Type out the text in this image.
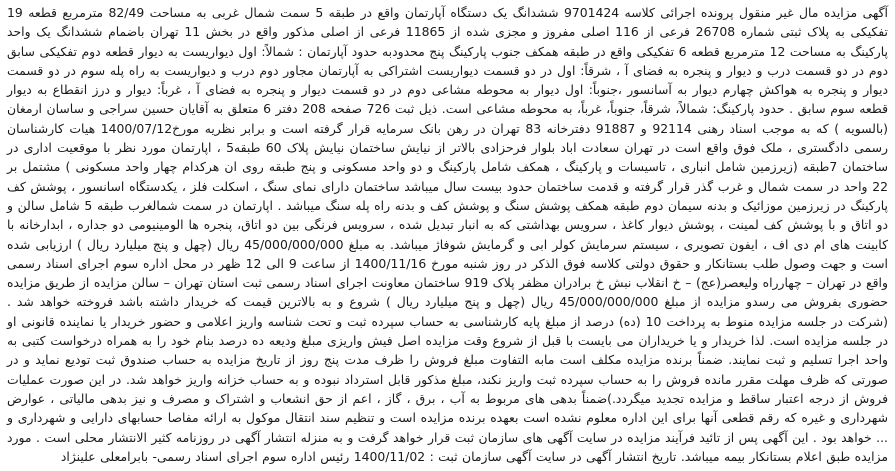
آگهی مزایده مال غیر منقول پرونده اجرائی کلاسه 9701424 ششدانگ یک دستگاه آپارتمان واقع در طبقه 5 سمت شمال غربی به مساحت 82/49 مترمربع قطعه 19 تفکیکی به پلاک ثبتی شماره 26708 فرعی از 116 اصلی مفروز و مجزی شده از 11865 فرعی از اصلی مذکور واقع در بخش 11 تهران باضمام ششدانگ یک واحد پارکینگ به مساحت 12 مترمربع قطعه 6 تفکیکی واقع در طبقه همکف جنوب پارکینگ پنج محدودبه حدود آپارتمان : شمالاً: اول دیواریست به دیوار قطعه دوم تفکیکی سابق دوم در دو قسمت درب و دیوار و پنجره به فضای آ ، شرقاً: اول در دو قسمت دیواریست اشتراکی به آپارتمان مجاور دوم درب و دیواریست به راه پله سوم در دو قسمت دیوار و پنجره به هواکش چهارم دیوار به آسانسور ،جنوباً: اول دیوار به محوطه مشاعی دوم در دو قسمت دیوار و پنجره به فضای آ ، غرباً: دیوار و درز انقطاع به دیوار قطعه سوم سابق . حدود پارکینگ: شمالاً، شرقاً، جنوباً، غرباً، به محوطه مشاعی است. ذیل ثبت 726 صفحه 208 دفتر 6 متعلق به آقایان حسین سراجی و ساسان ارمغان (بالسویه ) که به موجب اسناد رهنی 92114 و 91887 دفترخانه 83 تهران در رهن بانک سرمایه قرار گرفته است و برابر نظریه مورخ1400/07/12 هیات کارشناسان رسمی دادگستری ، ملک فوق واقع است در تهران سعادت اباد بلوار فرحزادی بالاتر از نیایش ساختمان نیایش پلاک 60 طبقه5 ، اپارتمان مورد نظر با موقعیت اداری در ساختمان 7طبقه (زیرزمین شامل انباری ، تاسیسات و پارکینگ ، همکف شامل پارکینگ و دو واحد مسکونی و پنج طبقه روی ان هرکدام چهار واحد مسکونی ) مشتمل بر 22 واحد در سمت شمال و غرب گذر قرار گرفته و قدمت ساختمان حدود بیست سال میباشد ساختمان دارای نمای سنگ ، اسکلت فلز ، یکدستگاه اسانسور ، پوشش کف پارکینگ در زیرزمین موزائیک و بدنه سیمان دوم طبقه همکف پوشش سنگ و پوشش کف و بدنه راه پله سنگ میباشد . اپارتمان در سمت شمالغرب طبقه 5 شامل سالن و دو اتاق و با پوشش کف لمینت ، پوشش دیوار کاغذ ، سرویس بهداشتی که به انبار تبدیل شده ، سرویس فرنگی بین دو اتاق، پنجره ها الومینیومی دو جداره ، ابدارخانه با کابینت های ام دی اف ، ایفون تصویری ، سیستم سرمایش کولر ابی و گرمایش شوفاژ میباشد. به مبلغ 45/000/000/000 ریال (چهل و پنج میلیارد ریال ) ارزیابی شده است و جهت وصول طلب بستانکار و حقوق دولتی کلاسه فوق الذکر در روز شنبه مورخ 1400/11/16 از ساعت 9 الی 12 ظهر در محل اداره سوم اجرای اسناد رسمی واقع در تهران – چهارراه ولیعصر(عج) – خ انقلاب نبش خ برادران مظفر پلاک 919 ساختمان معاونت اجرای اسناد رسمی ثبت استان تهران – سالن مزایده از طریق مزایده حضوری بفروش می رسدو مزایده از مبلغ 45/000/000/000 ریال (چهل و پنج میلیارد ریال ) شروع و به بالاترین قیمت که خریدار داشته باشد فروخته خواهد شد . (شرکت در جلسه مزایده منوط به پرداخت 10 (ده) درصد از مبلغ پایه کارشناسی به حساب سپرده ثبت و تحت شناسه واریز اعلامی و حضور خریدار یا نماینده قانونی او در جلسه مزایده است. لذا خریدار و یا خریداران می بایست با قبل از شروع وقت مزایده اصل فیش واریزی مبلغ ودیعه ده درصد بنام خود را به همراه درخواست کتبی به واحد اجرا تسلیم و ثبت نمایند. ضمناً برنده مزایده مکلف است مابه التفاوت مبلغ فروش را ظرف مدت پنج روز از تاریخ مزایده به حساب صندوق ثبت تودیع نماید و در صورتی که ظرف مهلت مقرر مانده فروش را به حساب سپرده ثبت واریز نکند، مبلغ مذکور قابل استرداد نبوده و به حساب خزانه واریز خواهد شد. در این صورت عملیات فروش از درجه اعتبار ساقط و مزایده تجدید میگردد.)ضمناً بدهی های مربوط به آب ، برق ، گاز ، اعم از حق انشعاب و اشتراک و مصرف و نیز بدهی مالیاتی ، عوارض شهرداری و غیره که رقم قطعی آنها برای این اداره معلوم نشده است بعهده برنده مزایده است و تنظیم سند انتقال موکول به ارائه مفاصا حسابهای دارایی و شهرداری و ... خواهد بود . این آگهی پس از تائید فرآیند مزایده در سایت آگهی های سازمان ثبت قرار خواهد گرفت و به منزله انتشار آگهی در روزنامه کثیر الانتشار محلی است . مورد مزایده طبق اعلام بستانکار بیمه میباشد. تاریخ انتشار آگهی در سایت آگهی سازمان ثبت : 1400/11/02 رئیس اداره سوم اجرای اسناد رسمی- بابرامعلی علینژاد
